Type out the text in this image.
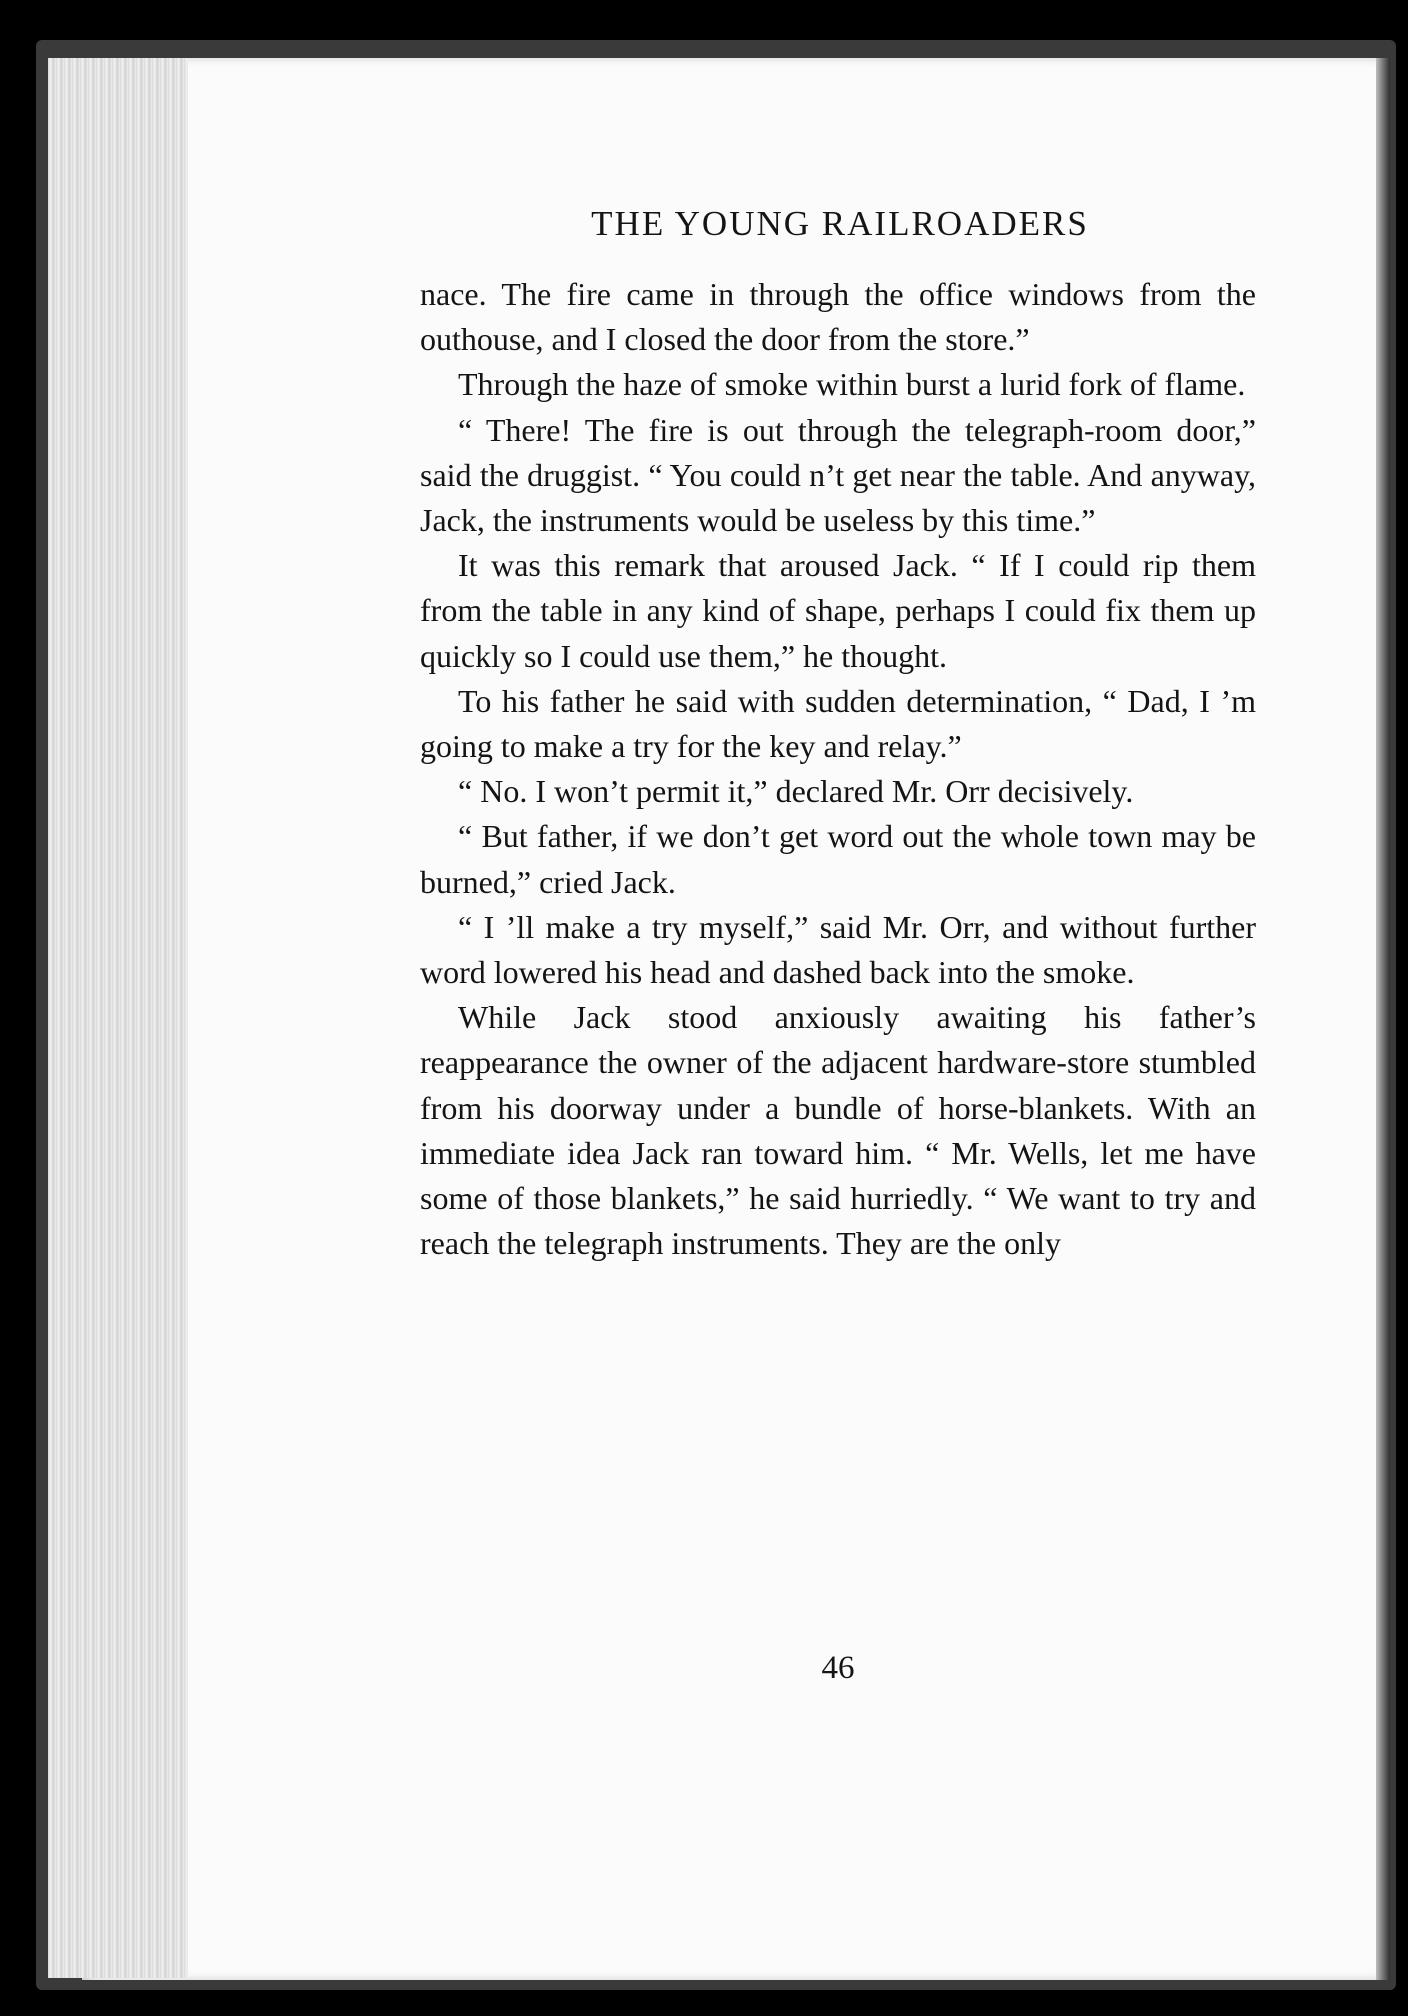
THE YOUNG RAILROADERS

nace. The fire came in through the office windows from the outhouse, and I closed the door from the store.”

Through the haze of smoke within burst a lurid fork of flame.

“ There! The fire is out through the telegraph-room door,” said the druggist. “ You could n’t get near the table. And anyway, Jack, the instruments would be useless by this time.”

It was this remark that aroused Jack. “ If I could rip them from the table in any kind of shape, perhaps I could fix them up quickly so I could use them,” he thought.

To his father he said with sudden determination, “ Dad, I ’m going to make a try for the key and relay.”

“ No. I won’t permit it,” declared Mr. Orr decisively.

“ But father, if we don’t get word out the whole town may be burned,” cried Jack.

“ I ’ll make a try myself,” said Mr. Orr, and without further word lowered his head and dashed back into the smoke.

While Jack stood anxiously awaiting his father’s reappearance the owner of the adjacent hardware-store stumbled from his doorway under a bundle of horse-blankets. With an immediate idea Jack ran toward him. “ Mr. Wells, let me have some of those blankets,” he said hurriedly. “ We want to try and reach the telegraph instruments. They are the only

46
